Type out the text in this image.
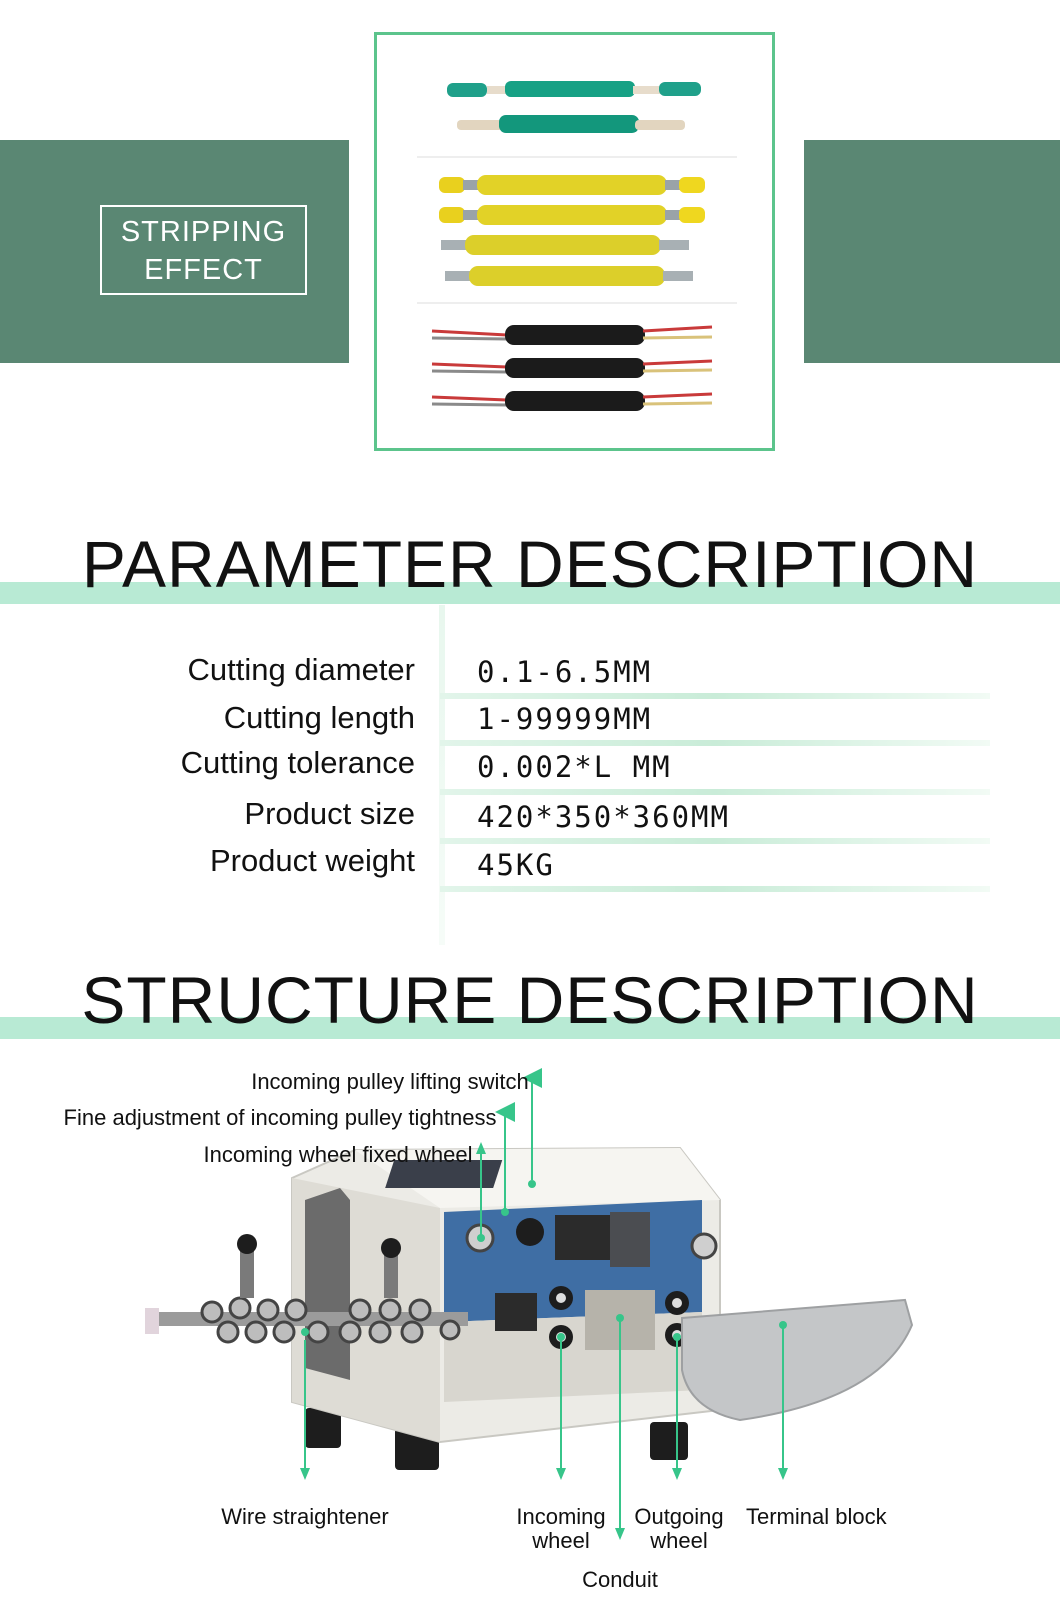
STRIPPING
EFFECT
PARAMETER DESCRIPTION
Cutting diameter 0.1-6.5MM
Cutting length 1-99999MM
Cutting tolerance 0.002*L MM
Product size 420*350*360MM
Product weight 45KG
STRUCTURE DESCRIPTION
Incoming pulley lifting switch
Fine adjustment of incoming pulley tightness
Incoming wheel fixed wheel
Wire straightener	Incoming
wheel
Outgoing
wheel
Terminal block
Conduit
